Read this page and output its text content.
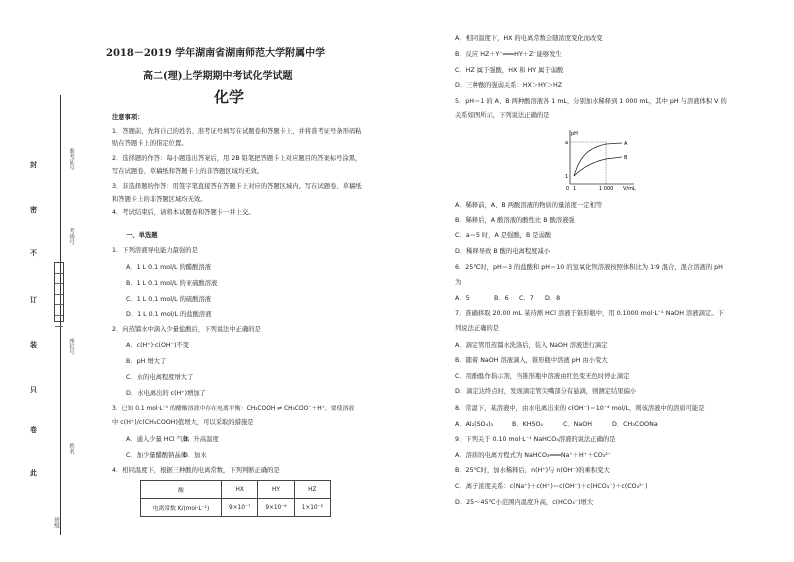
封
密
不
订
装
只
卷
此
准考证号
考场号
座位号
姓名
班级
2018－2019 学年湖南省湖南师范大学附属中学
高二(理)上学期期中考试化学试题
化学
注意事项：
1．答题前，先将自己的姓名、准考证号填写在试题卷和答题卡上，并将准考证号条形码粘
贴在答题卡上的指定位置。
2．选择题的作答：每小题选出答案后，用 2B 铅笔把答题卡上对应题目的答案标号涂黑，
写在试题卷、草稿纸和答题卡上的非答题区域均无效。
3．非选择题的作答：用签字笔直接答在答题卡上对应的答题区域内。写在试题卷、草稿纸
和答题卡上的非答题区域均无效。
4．考试结束后，请将本试题卷和答题卡一并上交。
一、单选题
1．下列溶液导电能力最强的是
A．1 L 0.1 mol/L 的醋酸溶液
B．1 L 0.1 mol/L 的亚硫酸溶液
C．1 L 0.1 mol/L 的硫酸溶液
D．1 L 0.1 mol/L 的盐酸溶液
2．向蒸馏水中滴入少量盐酸后，下列说法中正确的是
A．c(H⁺)·c(OH⁻)不变
B．pH 增大了
C．水的电离程度增大了
D．水电离出的 c(H⁺)增加了
3．已知 0.1 mol·L⁻¹ 的醋酸溶液中存在电离平衡：CH₃COOH ⇌ CH₃COO⁻＋H⁺，要使溶液
中 c(H⁺)/c(CH₃COOH)值增大，可以采取的措施是
A．通入少量 HCl 气体
B．升高温度
C．加少量醋酸钠晶体
D．加水
4．相同温度下，根据三种酸的电离常数，下列判断正确的是
酸	HX	HY	HZ
电离常数 K/(mol·L⁻¹)	9×10⁻⁷	9×10⁻⁶	1×10⁻²
A．相同温度下，HX 的电离常数会随浓度变化而改变
B．反应 HZ＋Y⁻═══HY＋Z⁻能够发生
C．HZ 属于强酸，HX 和 HY 属于弱酸
D．三种酸的强弱关系：HX＞HY＞HZ
5．pH＝1 的 A、B 两种酸溶液各 1 mL，分别加水稀释到 1 000 mL，其中 pH 与溶液体积 V 的
关系如图所示，下列说法正确的是
pH
a
1
0 1	1 000 V/mL
A
B
A．稀释前，A、B 两酸溶液的物质的量浓度一定相等
B．稀释后，A 酸溶液的酸性比 B 酸溶液强
C．a＝5 时，A 是强酸，B 是弱酸
D．稀释导致 B 酸的电离程度减小
6．25℃时，pH＝3 的盐酸和 pH＝10 的氢氧化钡溶液按照体积比为 1∶9 混合，混合溶液的 pH
为
A．5	B．6 C．7 D．8
7．准确移取 20.00 mL 某待测 HCl 溶液于锥形瓶中，用 0.1000 mol·L⁻¹ NaOH 溶液滴定。下
列说法正确的是
A．滴定管用蒸馏水洗涤后，装入 NaOH 溶液进行滴定
B．随着 NaOH 溶液滴入，锥形瓶中溶液 pH 由小变大
C．用酚酞作指示剂，当锥形瓶中溶液由红色变无色时停止滴定
D．滴定达终点时，发现滴定管尖嘴部分有悬滴，则测定结果偏小
8．常温下，某溶液中，由水电离出来的 c(OH⁻)＝10⁻⁴ mol/L，则该溶液中的溶质可能是
A．Al₂(SO₄)₃	B．KHSO₄	C．NaOH	D．CH₃COONa
9．下列关于 0.10 mol·L⁻¹ NaHCO₃溶液的说法正确的是
A．溶质的电离方程式为 NaHCO₃═══Na⁺＋H⁺＋CO₃²⁻
B．25℃时，加水稀释后，n(H⁺)与 n(OH⁻)的乘积变大
C．离子浓度关系：c(Na⁺)＋c(H⁺)＝c(OH⁻)＋c(HCO₃⁻)＋c(CO₃²⁻)
D．25～45℃小范围内温度升高，c(HCO₃⁻)增大
